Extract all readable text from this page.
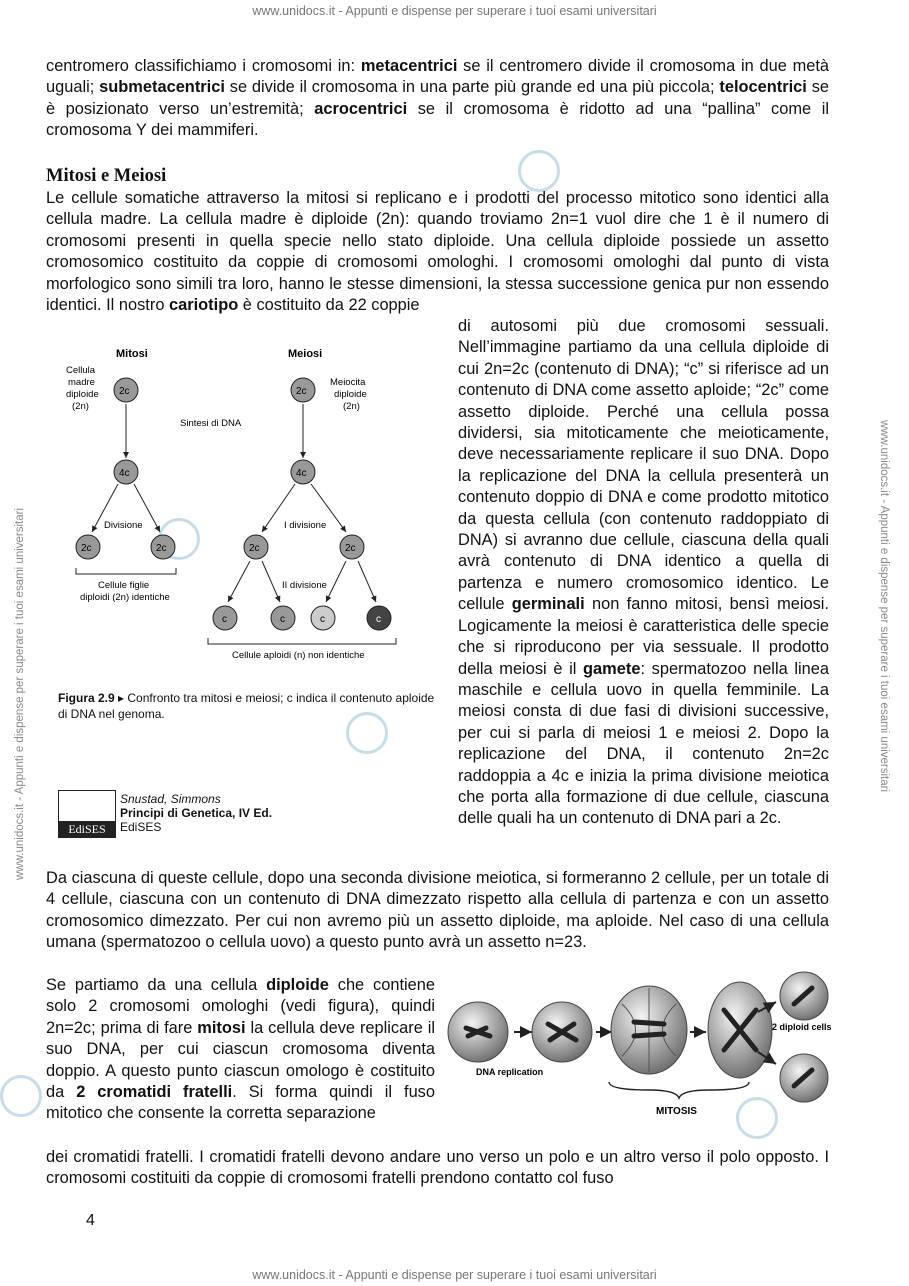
www.unidocs.it - Appunti e dispense per superare i tuoi esami universitari
www.unidocs.it - Appunti e dispense per superare i tuoi esami universitari	www.unidocs.it - Appunti e dispense per superare i tuoi esami universitari
centromero classifichiamo i cromosomi in: metacentrici se il centromero divide il cromosoma in due metà uguali; submetacentrici se divide il cromosoma in una parte più grande ed una più piccola; telocentrici se è posizionato verso un’estremità; acrocentrici se il cromosoma è ridotto ad una “pallina” come il cromosoma Y dei mammiferi.
Mitosi e Meiosi
Le cellule somatiche attraverso la mitosi si replicano e i prodotti del processo mitotico sono identici alla cellula madre. La cellula madre è diploide (2n): quando troviamo 2n=1 vuol dire che 1 è il numero di cromosomi presenti in quella specie nello stato diploide. Una cellula diploide possiede un assetto cromosomico costituito da coppie di cromosomi omologhi. I cromosomi omologhi dal punto di vista morfologico sono simili tra loro, hanno le stesse dimensioni, la stessa successione genica pur non essendo identici. Il nostro cariotipo è costituito da 22 coppie
di autosomi più due cromosomi sessuali. Nell’immagine partiamo da una cellula diploide di cui 2n=2c (contenuto di DNA); “c” si riferisce ad un contenuto di DNA come assetto aploide; “2c” come assetto diploide. Perché una cellula possa dividersi, sia mitoticamente che meioticamente, deve necessariamente replicare il suo DNA. Dopo la replicazione del DNA la cellula presenterà un contenuto doppio di DNA e come prodotto mitotico da questa cellula (con contenuto raddoppiato di DNA) si avranno due cellule, ciascuna della quali avrà contenuto di DNA identico a quella di partenza e numero cromosomico identico. Le cellule germinali non fanno mitosi, bensì meiosi. Logicamente la meiosi è caratteristica delle specie che si riproducono per via sessuale. Il prodotto della meiosi è il gamete: spermatozoo nella linea maschile e cellula uovo in quella femminile. La meiosi consta di due fasi di divisioni successive, per cui si parla di meiosi 1 e meiosi 2. Dopo la replicazione del DNA, il contenuto 2n=2c raddoppia a 4c e inizia la prima divisione meiotica che porta alla formazione di due cellule, ciascuna delle quali ha un contenuto di DNA pari a 2c.
Mitosi	Meiosi
Cellula madre diploide (2n)
Meiocita diploide (2n)
Sintesi di DNA
2c
4c
Divisione
2c	2c
Cellule figlie diploidi (2n) identiche
2c
4c
I divisione
2c	2c
II divisione
c	c	c	c
Cellule aploidi (n) non identiche
Figura 2.9 ▸ Confronto tra mitosi e meiosi; c indica il contenuto aploide di DNA nel genoma.
EdiSES
Snustad, Simmons
Principi di Genetica, IV Ed.
EdiSES
Da ciascuna di queste cellule, dopo una seconda divisione meiotica, si formeranno 2 cellule, per un totale di 4 cellule, ciascuna con un contenuto di DNA dimezzato rispetto alla cellula di partenza e con un assetto cromosomico dimezzato. Per cui non avremo più un assetto diploide, ma aploide. Nel caso di una cellula umana (spermatozoo o cellula uovo) a questo punto avrà un assetto n=23.
Se partiamo da una cellula diploide che contiene solo 2 cromosomi omologhi (vedi figura), quindi 2n=2c; prima di fare mitosi la cellula deve replicare il suo DNA, per cui ciascun cromosoma diventa doppio. A questo punto ciascun omologo è costituito da 2 cromatidi fratelli. Si forma quindi il fuso mitotico che consente la corretta separazione
2 diploid cells
DNA replication
MITOSIS
dei cromatidi fratelli. I cromatidi fratelli devono andare uno verso un polo e un altro verso il polo opposto. I cromosomi costituiti da coppie di cromosomi fratelli prendono contatto col fuso
4
www.unidocs.it - Appunti e dispense per superare i tuoi esami universitari
